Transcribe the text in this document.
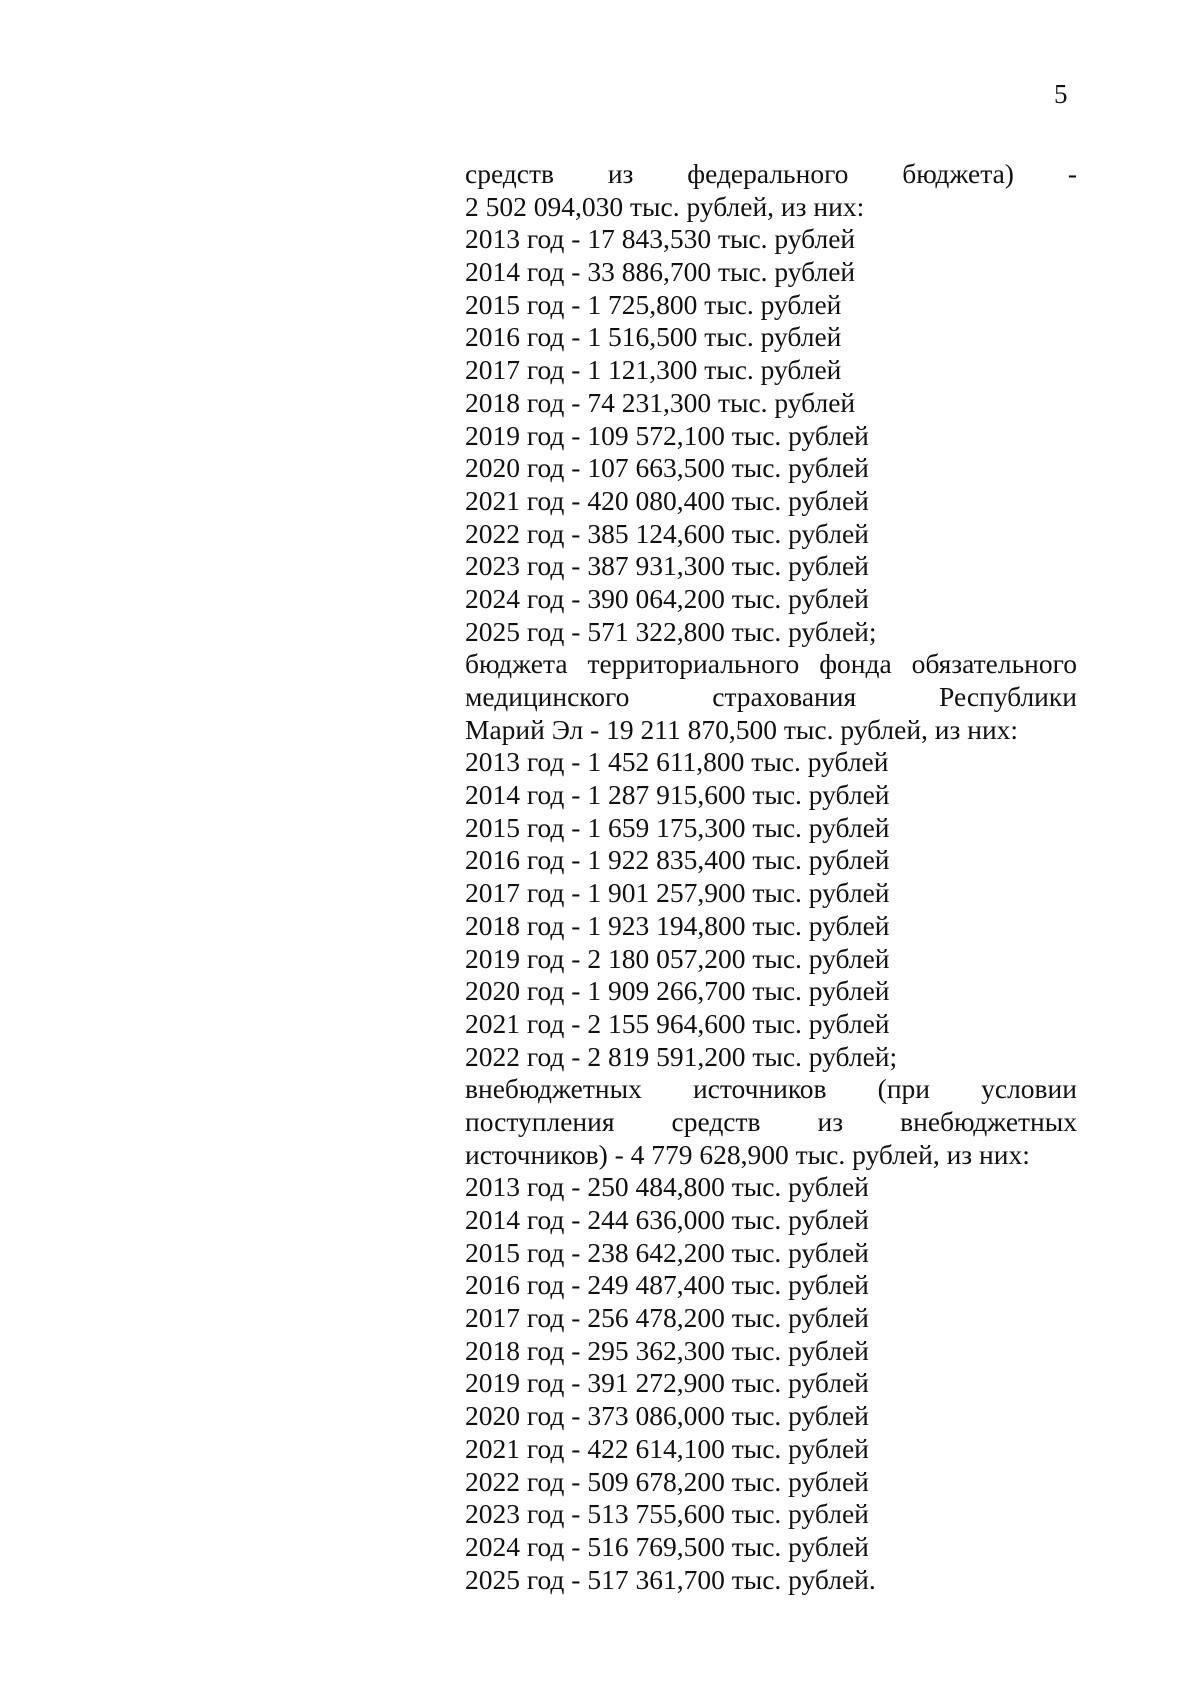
5
средств из федерального бюджета) -
2 502 094,030 тыс. рублей, из них:
2013 год - 17 843,530 тыс. рублей
2014 год - 33 886,700 тыс. рублей
2015 год - 1 725,800 тыс. рублей
2016 год - 1 516,500 тыс. рублей
2017 год - 1 121,300 тыс. рублей
2018 год - 74 231,300 тыс. рублей
2019 год - 109 572,100 тыс. рублей
2020 год - 107 663,500 тыс. рублей
2021 год - 420 080,400 тыс. рублей
2022 год - 385 124,600 тыс. рублей
2023 год - 387 931,300 тыс. рублей
2024 год - 390 064,200 тыс. рублей
2025 год - 571 322,800 тыс. рублей;
бюджета территориального фонда обязательного
медицинского	страхования	Республики
Марий Эл - 19 211 870,500 тыс. рублей, из них:
2013 год - 1 452 611,800 тыс. рублей
2014 год - 1 287 915,600 тыс. рублей
2015 год - 1 659 175,300 тыс. рублей
2016 год - 1 922 835,400 тыс. рублей
2017 год - 1 901 257,900 тыс. рублей
2018 год - 1 923 194,800 тыс. рублей
2019 год - 2 180 057,200 тыс. рублей
2020 год - 1 909 266,700 тыс. рублей
2021 год - 2 155 964,600 тыс. рублей
2022 год - 2 819 591,200 тыс. рублей;
внебюджетных источников (при условии
поступления средств из внебюджетных
источников) - 4 779 628,900 тыс. рублей, из них:
2013 год - 250 484,800 тыс. рублей
2014 год - 244 636,000 тыс. рублей
2015 год - 238 642,200 тыс. рублей
2016 год - 249 487,400 тыс. рублей
2017 год - 256 478,200 тыс. рублей
2018 год - 295 362,300 тыс. рублей
2019 год - 391 272,900 тыс. рублей
2020 год - 373 086,000 тыс. рублей
2021 год - 422 614,100 тыс. рублей
2022 год - 509 678,200 тыс. рублей
2023 год - 513 755,600 тыс. рублей
2024 год - 516 769,500 тыс. рублей
2025 год - 517 361,700 тыс. рублей.
